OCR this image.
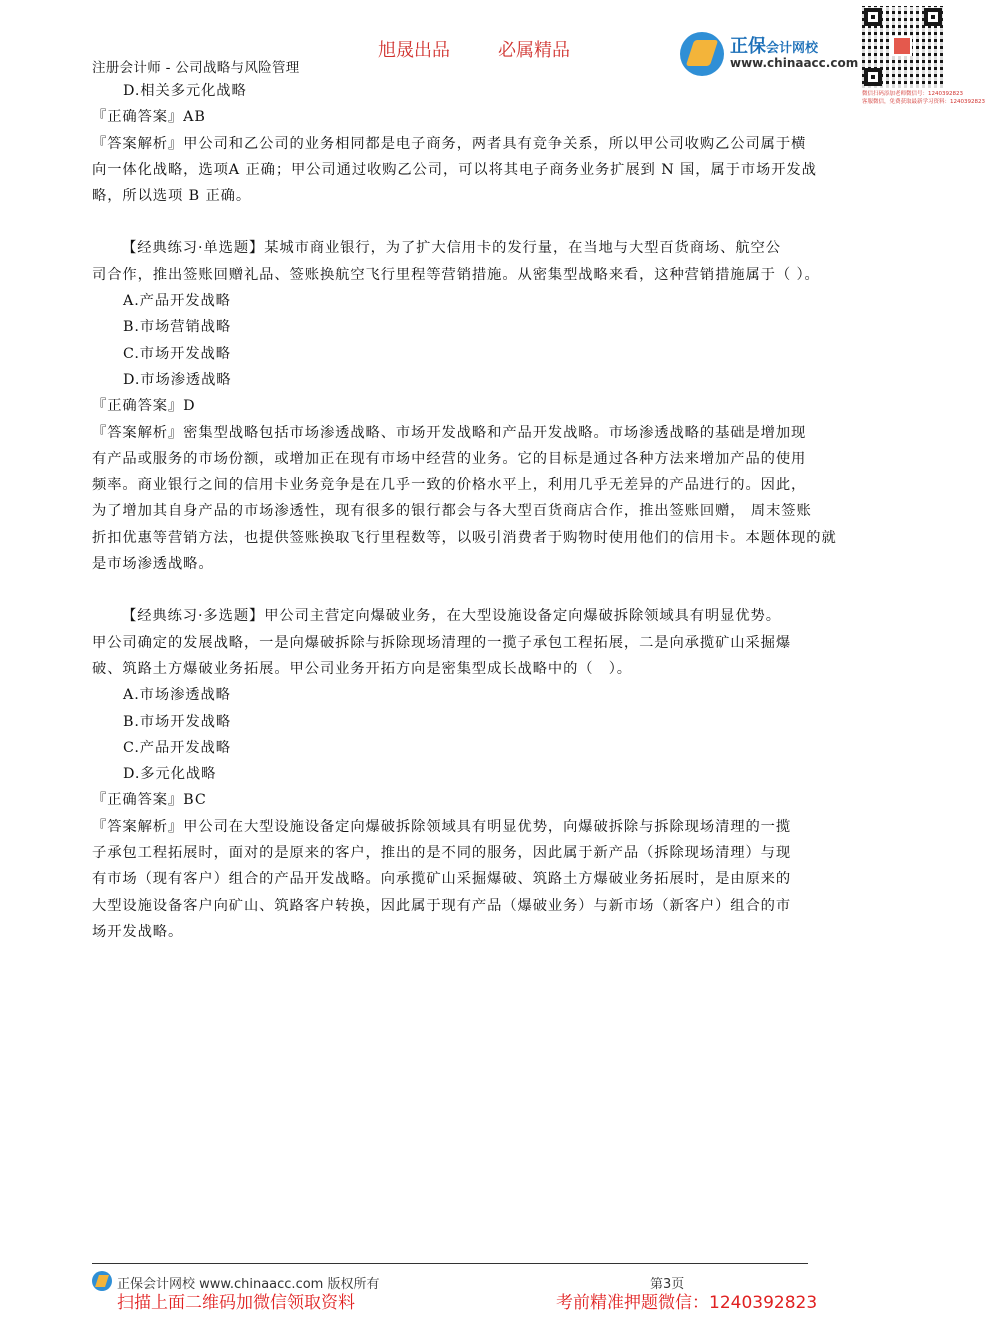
注册会计师 - 公司战略与风险管理
旭晟出品	必属精品	正保会计网校
www.chinaacc.com
微信扫码添加老师微信号：1240392823
客服微信，免费获取最新学习资料：1240392823
D.相关多元化战略
『正确答案』AB
『答案解析』甲公司和乙公司的业务相同都是电子商务，两者具有竞争关系，所以甲公司收购乙公司属于横
向一体化战略，选项A 正确；甲公司通过收购乙公司，可以将其电子商务业务扩展到 N 国，属于市场开发战
略，所以选项 B 正确。
【经典练习·单选题】某城市商业银行，为了扩大信用卡的发行量，在当地与大型百货商场、航空公
司合作，推出签账回赠礼品、签账换航空飞行里程等营销措施。从密集型战略来看，这种营销措施属于（ ）。
A.产品开发战略
B.市场营销战略
C.市场开发战略
D.市场渗透战略
『正确答案』D
『答案解析』密集型战略包括市场渗透战略、市场开发战略和产品开发战略。市场渗透战略的基础是增加现
有产品或服务的市场份额，或增加正在现有市场中经营的业务。它的目标是通过各种方法来增加产品的使用
频率。商业银行之间的信用卡业务竞争是在几乎一致的价格水平上，利用几乎无差异的产品进行的。因此，
为了增加其自身产品的市场渗透性，现有很多的银行都会与各大型百货商店合作，推出签账回赠， 周末签账
折扣优惠等营销方法，也提供签账换取飞行里程数等，以吸引消费者于购物时使用他们的信用卡。本题体现的就
是市场渗透战略。
【经典练习·多选题】甲公司主营定向爆破业务，在大型设施设备定向爆破拆除领域具有明显优势。
甲公司确定的发展战略，一是向爆破拆除与拆除现场清理的一揽子承包工程拓展，二是向承揽矿山采掘爆
破、筑路土方爆破业务拓展。甲公司业务开拓方向是密集型成长战略中的（　）。
A.市场渗透战略
B.市场开发战略
C.产品开发战略
D.多元化战略
『正确答案』BC
『答案解析』甲公司在大型设施设备定向爆破拆除领域具有明显优势，向爆破拆除与拆除现场清理的一揽
子承包工程拓展时，面对的是原来的客户，推出的是不同的服务，因此属于新产品（拆除现场清理）与现
有市场（现有客户）组合的产品开发战略。向承揽矿山采掘爆破、筑路土方爆破业务拓展时，是由原来的
大型设施设备客户向矿山、筑路客户转换，因此属于现有产品（爆破业务）与新市场（新客户）组合的市
场开发战略。
正保会计网校 www.chinaacc.com 版权所有	第3页
扫描上面二维码加微信领取资料	考前精准押题微信：1240392823
